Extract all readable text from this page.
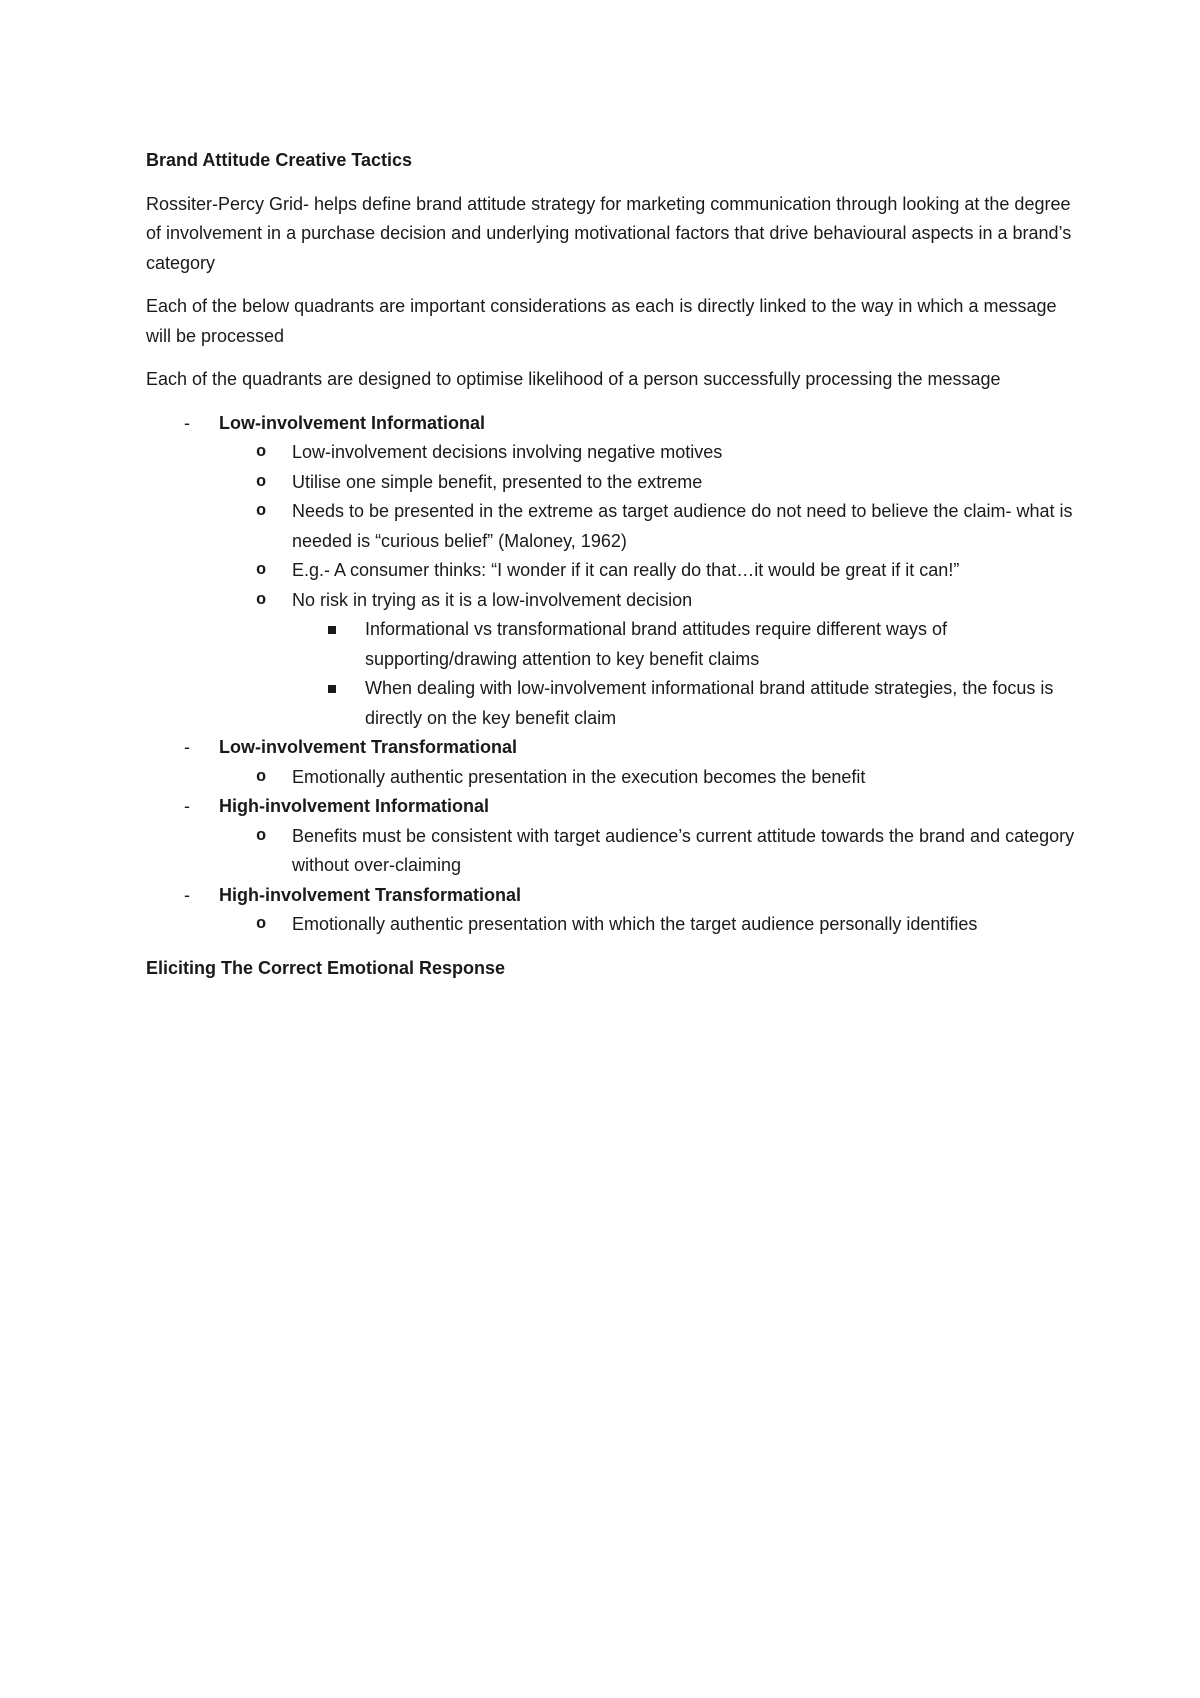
Brand Attitude Creative Tactics
Rossiter-Percy Grid- helps define brand attitude strategy for marketing communication through looking at the degree of involvement in a purchase decision and underlying motivational factors that drive behavioural aspects in a brand’s category
Each of the below quadrants are important considerations as each is directly linked to the way in which a message will be processed
Each of the quadrants are designed to optimise likelihood of a person successfully processing the message
- Low-involvement Informational
o Low-involvement decisions involving negative motives
o Utilise one simple benefit, presented to the extreme
o Needs to be presented in the extreme as target audience do not need to believe the claim- what is needed is “curious belief” (Maloney, 1962)
o E.g.- A consumer thinks: “I wonder if it can really do that…it would be great if it can!”
o No risk in trying as it is a low-involvement decision
Informational vs transformational brand attitudes require different ways of supporting/drawing attention to key benefit claims
When dealing with low-involvement informational brand attitude strategies, the focus is directly on the key benefit claim
- Low-involvement Transformational
o Emotionally authentic presentation in the execution becomes the benefit
- High-involvement Informational
o Benefits must be consistent with target audience’s current attitude towards the brand and category without over-claiming
- High-involvement Transformational
o Emotionally authentic presentation with which the target audience personally identifies
Eliciting The Correct Emotional Response
